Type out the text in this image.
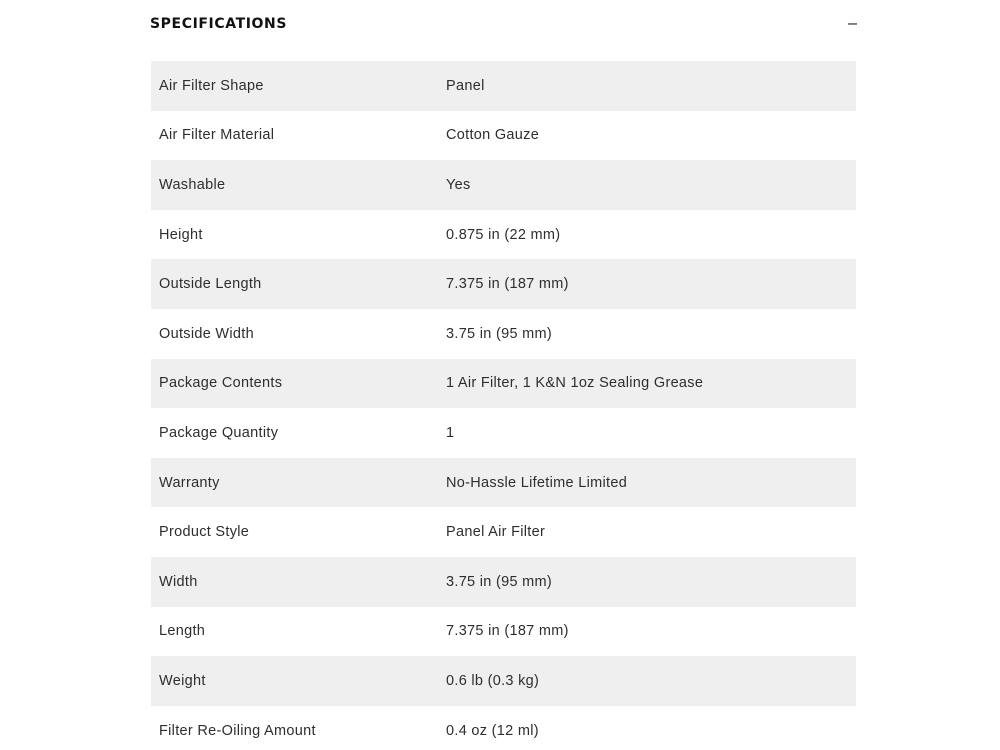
SPECIFICATIONS	–
Air Filter Shape	Panel
Air Filter Material	Cotton Gauze
Washable	Yes
Height	0.875 in (22 mm)
Outside Length	7.375 in (187 mm)
Outside Width	3.75 in (95 mm)
Package Contents	1 Air Filter, 1 K&N 1oz Sealing Grease
Package Quantity	1
Warranty	No-Hassle Lifetime Limited
Product Style	Panel Air Filter
Width	3.75 in (95 mm)
Length	7.375 in (187 mm)
Weight	0.6 lb (0.3 kg)
Filter Re-Oiling Amount	0.4 oz (12 ml)
